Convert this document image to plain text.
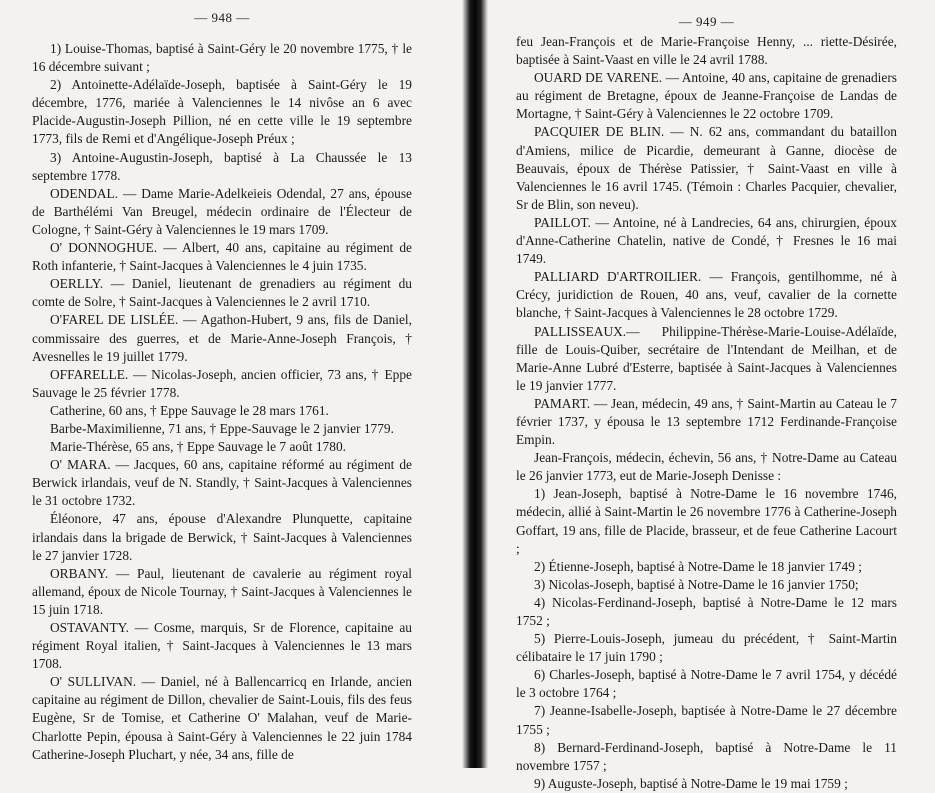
— 948 —

1) Louise-Thomas, baptisé à Saint-Géry le 20 novembre 1775, † le 16 décembre suivant ;

2) Antoinette-Adélaïde-Joseph, baptisée à Saint-Géry le 19 décembre, 1776, mariée à Valenciennes le 14 nivôse an 6 avec Placide-Augustin-Joseph Pillion, né en cette ville le 19 septembre 1773, fils de Remi et d'Angélique-Joseph Préux ;

3) Antoine-Augustin-Joseph, baptisé à La Chaussée le 13 septembre 1778.

ODENDAL. — Dame Marie-Adelkeieis Odendal, 27 ans, épouse de Barthélémi Van Breugel, médecin ordinaire de l'Électeur de Cologne, † Saint-Géry à Valenciennes le 19 mars 1709.

O' DONNOGHUE. — Albert, 40 ans, capitaine au régiment de Roth infanterie, † Saint-Jacques à Valenciennes le 4 juin 1735.

OERLLY. — Daniel, lieutenant de grenadiers au régiment du comte de Solre, † Saint-Jacques à Valenciennes le 2 avril 1710.

O'FAREL DE LISLÉE. — Agathon-Hubert, 9 ans, fils de Daniel, commissaire des guerres, et de Marie-Anne-Joseph François, † Avesnelles le 19 juillet 1779.

OFFARELLE. — Nicolas-Joseph, ancien officier, 73 ans, † Eppe Sauvage le 25 février 1778.

Catherine, 60 ans, † Eppe Sauvage le 28 mars 1761.

Barbe-Maximilienne, 71 ans, † Eppe-Sauvage le 2 janvier 1779.

Marie-Thérèse, 65 ans, † Eppe Sauvage le 7 août 1780.

O' MARA. — Jacques, 60 ans, capitaine réformé au régiment de Berwick irlandais, veuf de N. Standly, † Saint-Jacques à Valenciennes le 31 octobre 1732.

Éléonore, 47 ans, épouse d'Alexandre Plunquette, capitaine irlandais dans la brigade de Berwick, † Saint-Jacques à Valenciennes le 27 janvier 1728.

ORBANY. — Paul, lieutenant de cavalerie au régiment royal allemand, époux de Nicole Tournay, † Saint-Jacques à Valenciennes le 15 juin 1718.

OSTAVANTY. — Cosme, marquis, Sr de Florence, capitaine au régiment Royal italien, † Saint-Jacques à Valenciennes le 13 mars 1708.

O' SULLIVAN. — Daniel, né à Ballencarricq en Irlande, ancien capitaine au régiment de Dillon, chevalier de Saint-Louis, fils des feus Eugène, Sr de Tomise, et Catherine O' Malahan, veuf de Marie-Charlotte Pepin, épousa à Saint-Géry à Valenciennes le 22 juin 1784 Catherine-Joseph Pluchart, y née, 34 ans, fille de

— 949 —

feu Jean-François et de Marie-Françoise Henny, ... riette-Désirée, baptisée à Saint-Vaast en ville le 24 avril 1788.

OUARD DE VARENE. — Antoine, 40 ans, capitaine de grenadiers au régiment de Bretagne, époux de Jeanne-Françoise de Landas de Mortagne, † Saint-Géry à Valenciennes le 22 octobre 1709.

PACQUIER DE BLIN. — N. 62 ans, commandant du bataillon d'Amiens, milice de Picardie, demeurant à Ganne, diocèse de Beauvais, époux de Thérèse Patissier, † Saint-Vaast en ville à Valenciennes le 16 avril 1745. (Témoin : Charles Pacquier, chevalier, Sr de Blin, son neveu).

PAILLOT. — Antoine, né à Landrecies, 64 ans, chirurgien, époux d'Anne-Catherine Chatelin, native de Condé, † Fresnes le 16 mai 1749.

PALLIARD D'ARTROILIER. — François, gentilhomme, né à Crécy, juridiction de Rouen, 40 ans, veuf, cavalier de la cornette blanche, † Saint-Jacques à Valenciennes le 28 octobre 1729.

PALLISSEAUX.— Philippine-Thérèse-Marie-Louise-Adélaïde, fille de Louis-Quiber, secrétaire de l'Intendant de Meilhan, et de Marie-Anne Lubré d'Esterre, baptisée à Saint-Jacques à Valenciennes le 19 janvier 1777.

PAMART. — Jean, médecin, 49 ans, † Saint-Martin au Cateau le 7 février 1737, y épousa le 13 septembre 1712 Ferdinande-Françoise Empin.

Jean-François, médecin, échevin, 56 ans, † Notre-Dame au Cateau le 26 janvier 1773, eut de Marie-Joseph Denisse :

1) Jean-Joseph, baptisé à Notre-Dame le 16 novembre 1746, médecin, allié à Saint-Martin le 26 novembre 1776 à Catherine-Joseph Goffart, 19 ans, fille de Placide, brasseur, et de feue Catherine Lacourt ;

2) Étienne-Joseph, baptisé à Notre-Dame le 18 janvier 1749 ;

3) Nicolas-Joseph, baptisé à Notre-Dame le 16 janvier 1750;

4) Nicolas-Ferdinand-Joseph, baptisé à Notre-Dame le 12 mars 1752 ;

5) Pierre-Louis-Joseph, jumeau du précédent, † Saint-Martin célibataire le 17 juin 1790 ;

6) Charles-Joseph, baptisé à Notre-Dame le 7 avril 1754, y décédé le 3 octobre 1764 ;

7) Jeanne-Isabelle-Joseph, baptisée à Notre-Dame le 27 décembre 1755 ;

8) Bernard-Ferdinand-Joseph, baptisé à Notre-Dame le 11 novembre 1757 ;

9) Auguste-Joseph, baptisé à Notre-Dame le 19 mai 1759 ;
